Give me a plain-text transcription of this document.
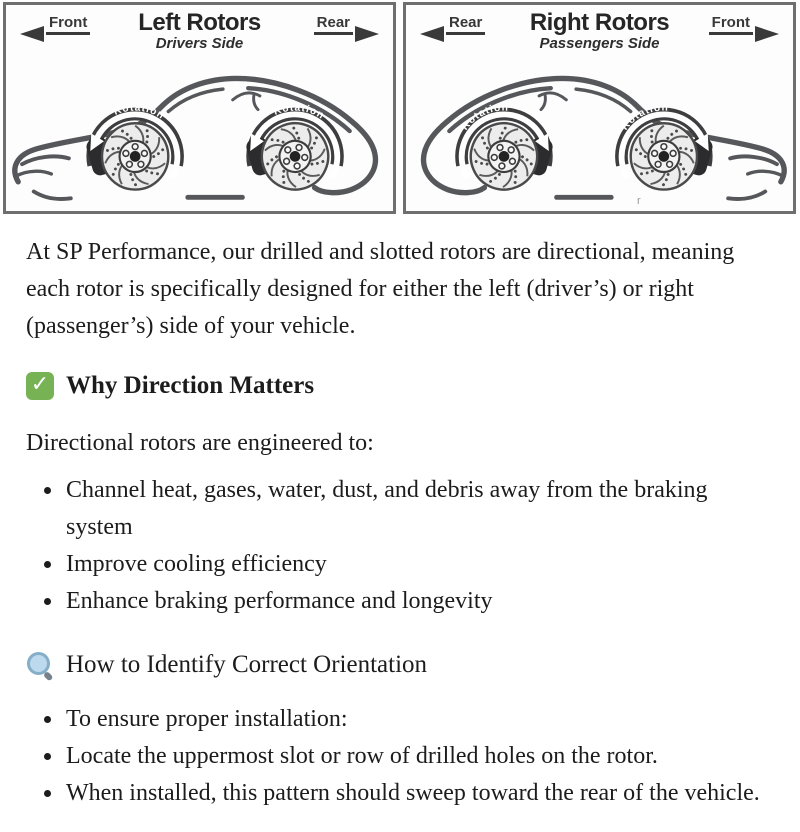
Front	Left Rotors
Drivers Side
Rear
Rotation	Rotation
Rear	Right Rotors
Passengers Side
Front
Rotation
Rotation
r

At SP Performance, our drilled and slotted rotors are directional, meaning each rotor is specifically designed for either the left (driver’s) or right (passenger’s) side of your vehicle.

✓ Why Direction Matters

Directional rotors are engineered to:

• Channel heat, gases, water, dust, and debris away from the braking system
• Improve cooling efficiency
• Enhance braking performance and longevity
How to Identify Correct Orientation
• To ensure proper installation:
• Locate the uppermost slot or row of drilled holes on the rotor.
• When installed, this pattern should sweep toward the rear of the vehicle.
